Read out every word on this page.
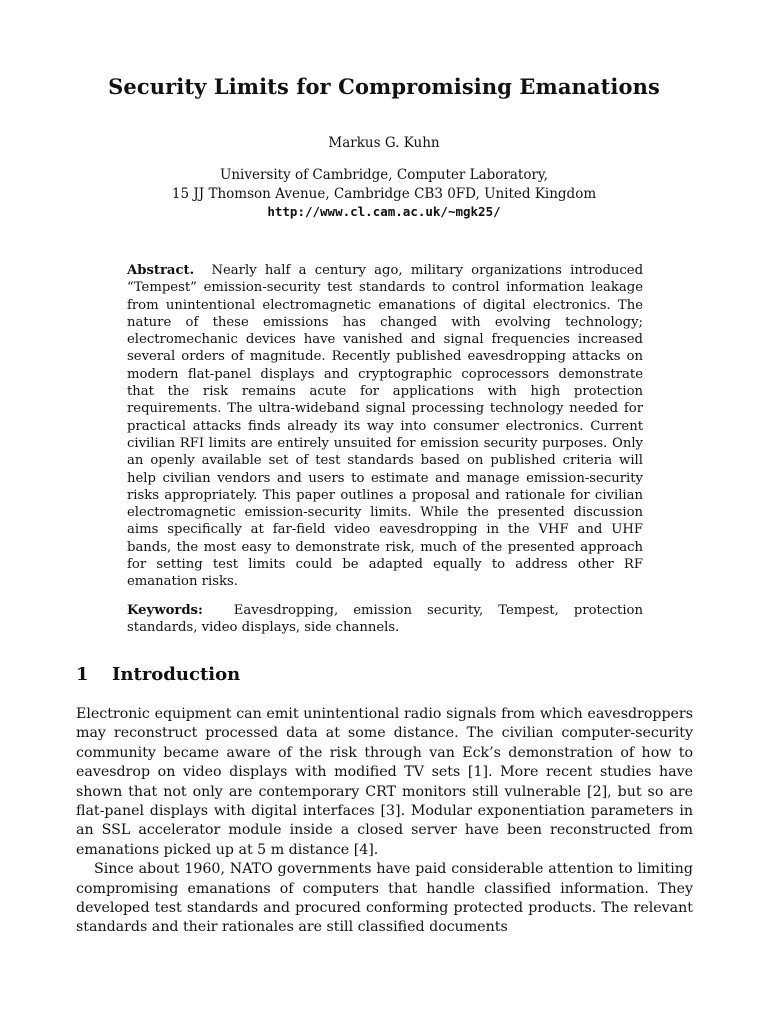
Security Limits for Compromising Emanations
Markus G. Kuhn
University of Cambridge, Computer Laboratory,
15 JJ Thomson Avenue, Cambridge CB3 0FD, United Kingdom
http://www.cl.cam.ac.uk/~mgk25/
Abstract.  Nearly half a century ago, military organizations introduced “Tempest” emission-security test standards to control information leakage from unintentional electromagnetic emanations of digital electronics. The nature of these emissions has changed with evolving technology; electromechanic devices have vanished and signal frequencies increased several orders of magnitude. Recently published eavesdropping attacks on modern flat-panel displays and cryptographic coprocessors demonstrate that the risk remains acute for applications with high protection requirements. The ultra-wideband signal processing technology needed for practical attacks finds already its way into consumer electronics. Current civilian RFI limits are entirely unsuited for emission security purposes. Only an openly available set of test standards based on published criteria will help civilian vendors and users to estimate and manage emission-security risks appropriately. This paper outlines a proposal and rationale for civilian electromagnetic emission-security limits. While the presented discussion aims specifically at far-field video eavesdropping in the VHF and UHF bands, the most easy to demonstrate risk, much of the presented approach for setting test limits could be adapted equally to address other RF emanation risks.
Keywords:  Eavesdropping, emission security, Tempest, protection standards, video displays, side channels.
1 Introduction

Electronic equipment can emit unintentional radio signals from which eavesdroppers may reconstruct processed data at some distance. The civilian computer-security community became aware of the risk through van Eck’s demonstration of how to eavesdrop on video displays with modified TV sets [1]. More recent studies have shown that not only are contemporary CRT monitors still vulnerable [2], but so are flat-panel displays with digital interfaces [3]. Modular exponentiation parameters in an SSL accelerator module inside a closed server have been reconstructed from emanations picked up at 5 m distance [4].

Since about 1960, NATO governments have paid considerable attention to limiting compromising emanations of computers that handle classified information. They developed test standards and procured conforming protected products. The relevant standards and their rationales are still classified documents
